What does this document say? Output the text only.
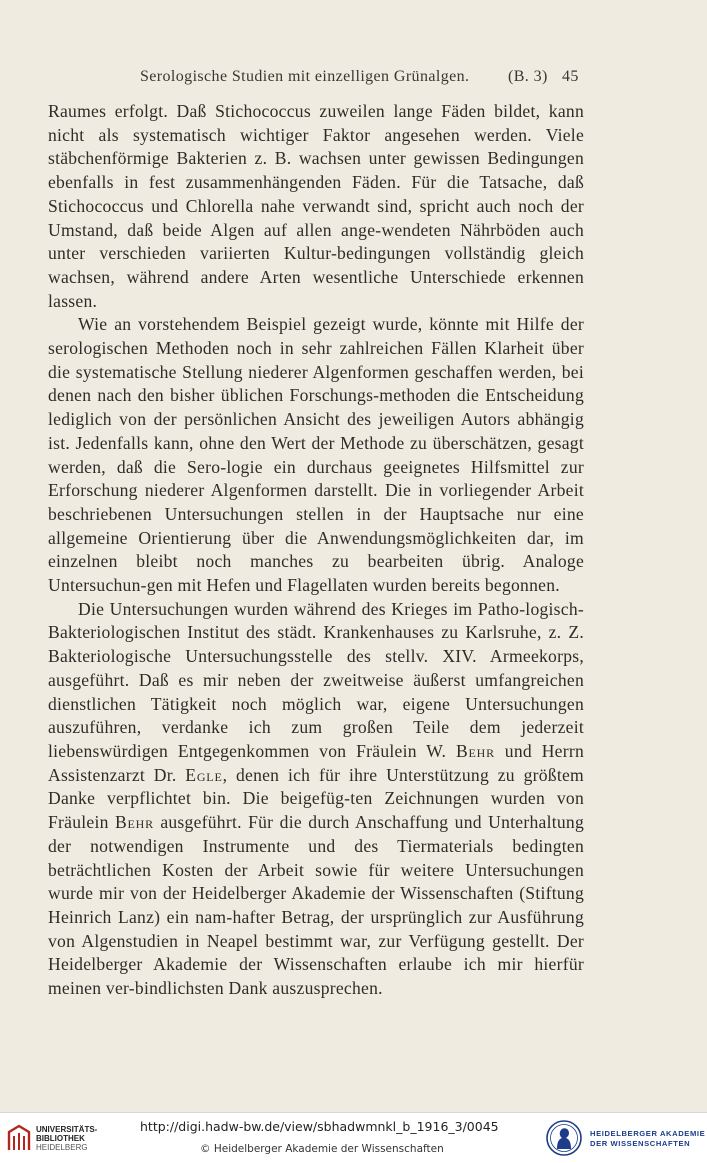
Serologische Studien mit einzelligen Grünalgen. (B. 3) 45

Raumes erfolgt. Daß Stichococcus zuweilen lange Fäden bildet, kann nicht als systematisch wichtiger Faktor angesehen werden. Viele stäbchenförmige Bakterien z. B. wachsen unter gewissen Bedingungen ebenfalls in fest zusammenhängenden Fäden. Für die Tatsache, daß Stichococcus und Chlorella nahe verwandt sind, spricht auch noch der Umstand, daß beide Algen auf allen ange-wendeten Nährböden auch unter verschieden variierten Kultur-bedingungen vollständig gleich wachsen, während andere Arten wesentliche Unterschiede erkennen lassen.

Wie an vorstehendem Beispiel gezeigt wurde, könnte mit Hilfe der serologischen Methoden noch in sehr zahlreichen Fällen Klarheit über die systematische Stellung niederer Algenformen geschaffen werden, bei denen nach den bisher üblichen Forschungs-methoden die Entscheidung lediglich von der persönlichen Ansicht des jeweiligen Autors abhängig ist. Jedenfalls kann, ohne den Wert der Methode zu überschätzen, gesagt werden, daß die Sero-logie ein durchaus geeignetes Hilfsmittel zur Erforschung niederer Algenformen darstellt. Die in vorliegender Arbeit beschriebenen Untersuchungen stellen in der Hauptsache nur eine allgemeine Orientierung über die Anwendungsmöglichkeiten dar, im einzelnen bleibt noch manches zu bearbeiten übrig. Analoge Untersuchun-gen mit Hefen und Flagellaten wurden bereits begonnen.

Die Untersuchungen wurden während des Krieges im Patho-logisch-Bakteriologischen Institut des städt. Krankenhauses zu Karlsruhe, z. Z. Bakteriologische Untersuchungsstelle des stellv. XIV. Armeekorps, ausgeführt. Daß es mir neben der zweitweise äußerst umfangreichen dienstlichen Tätigkeit noch möglich war, eigene Untersuchungen auszuführen, verdanke ich zum großen Teile dem jederzeit liebenswürdigen Entgegenkommen von Fräulein W. Behr und Herrn Assistenzarzt Dr. Egle, denen ich für ihre Unterstützung zu größtem Danke verpflichtet bin. Die beigefüg-ten Zeichnungen wurden von Fräulein Behr ausgeführt. Für die durch Anschaffung und Unterhaltung der notwendigen Instrumente und des Tiermaterials bedingten beträchtlichen Kosten der Arbeit sowie für weitere Untersuchungen wurde mir von der Heidelberger Akademie der Wissenschaften (Stiftung Heinrich Lanz) ein nam-hafter Betrag, der ursprünglich zur Ausführung von Algenstudien in Neapel bestimmt war, zur Verfügung gestellt. Der Heidelberger Akademie der Wissenschaften erlaube ich mir hierfür meinen ver-bindlichsten Dank auszusprechen.

UNIVERSITÄTS-
BIBLIOTHEK
HEIDELBERG
http://digi.hadw-bw.de/view/sbhadwmnkl_b_1916_3/0045
© Heidelberger Akademie der Wissenschaften
HEIDELBERGER AKADEMIE
DER WISSENSCHAFTEN
